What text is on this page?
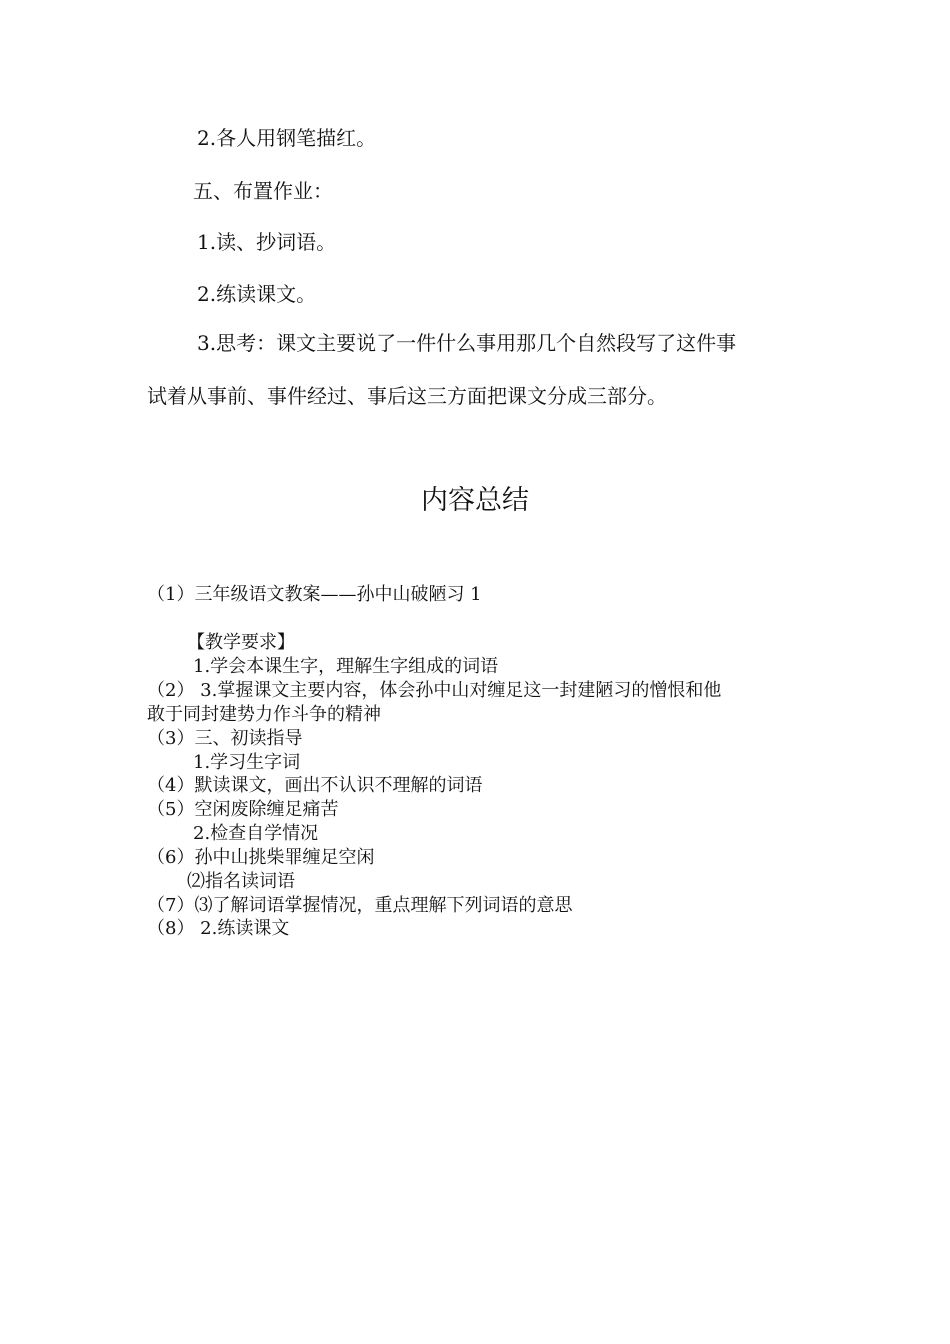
2.各人用钢笔描红。
五、布置作业：
1.读、抄词语。
2.练读课文。
3.思考：课文主要说了一件什么事用那几个自然段写了这件事
试着从事前、事件经过、事后这三方面把课文分成三部分。
内容总结
（1）三年级语文教案——孙中山破陋习 1
【教学要求】
1.学会本课生字，理解生字组成的词语
（2） 3.掌握课文主要内容，体会孙中山对缠足这一封建陋习的憎恨和他
敢于同封建势力作斗争的精神
（3）三、初读指导
1.学习生字词
（4）默读课文，画出不认识不理解的词语
（5）空闲废除缠足痛苦
2.检查自学情况
（6）孙中山挑柴罪缠足空闲
⑵指名读词语
（7）⑶了解词语掌握情况，重点理解下列词语的意思
（8） 2.练读课文
